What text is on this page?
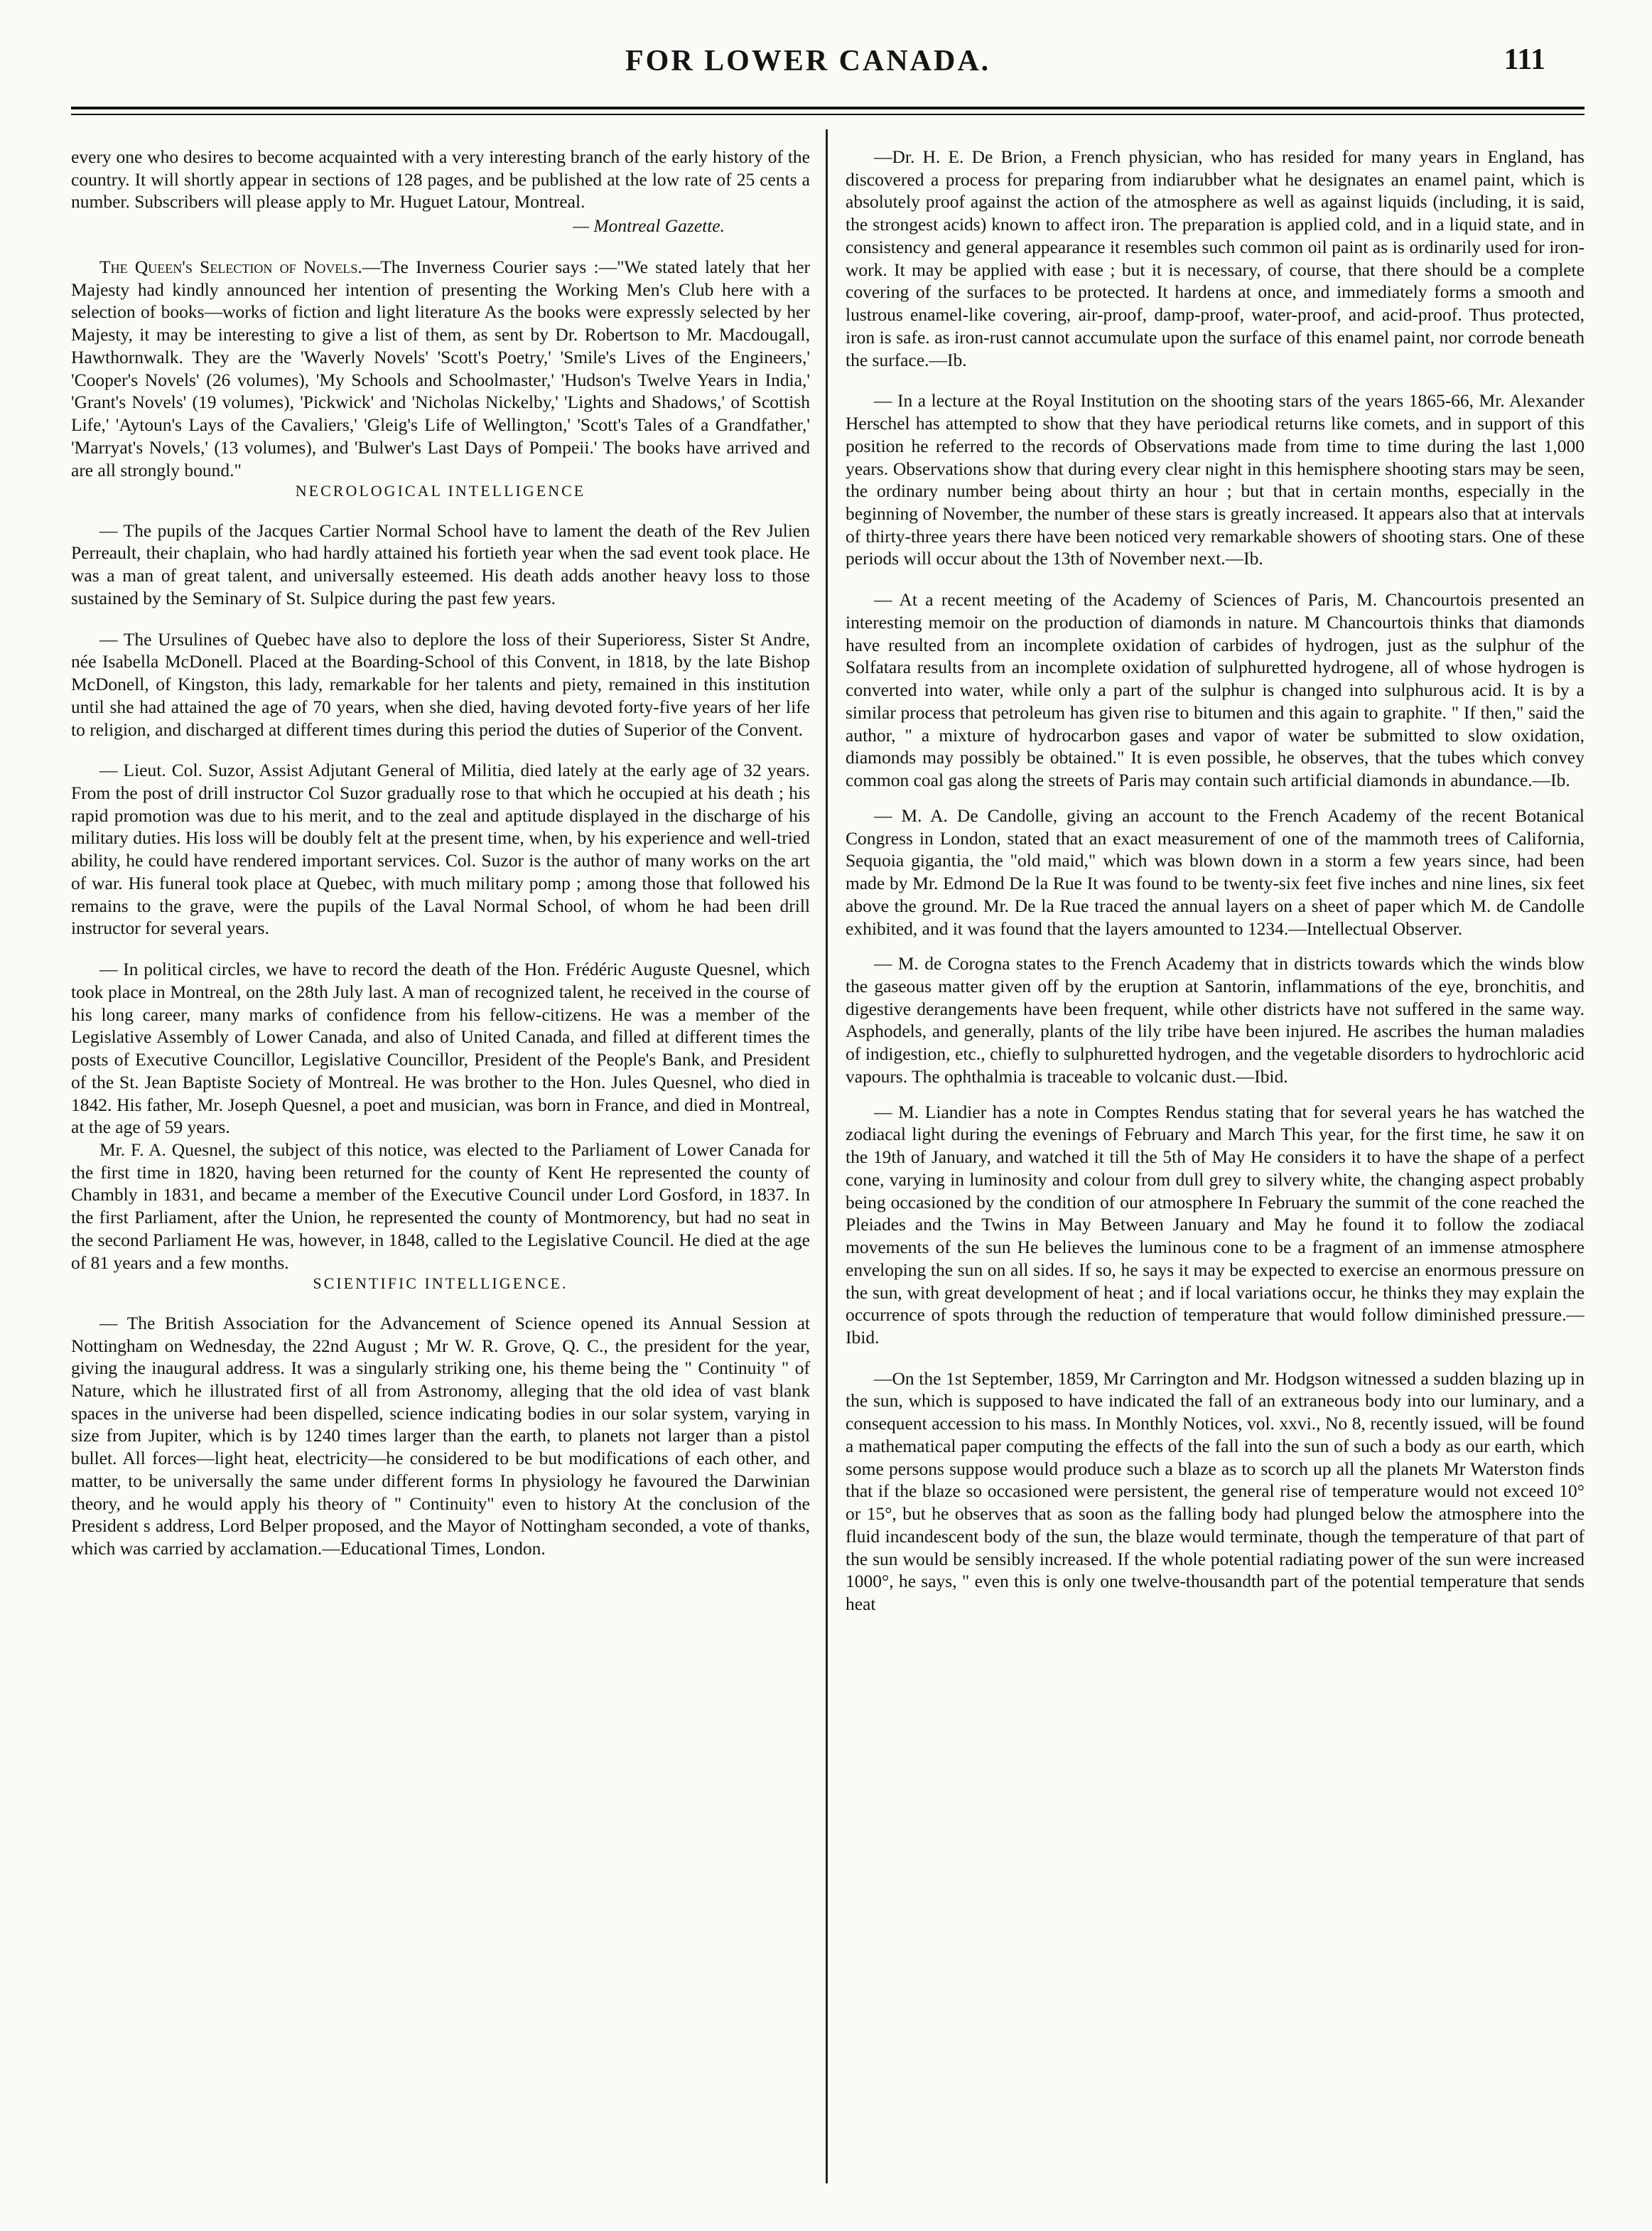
FOR LOWER CANADA.	111

every one who desires to become acquainted with a very interesting branch of the early history of the country. It will shortly appear in sections of 128 pages, and be published at the low rate of 25 cents a number. Subscribers will please apply to Mr. Huguet Latour, Montreal.

— Montreal Gazette.

The Queen's Selection of Novels.—The Inverness Courier says :—"We stated lately that her Majesty had kindly announced her intention of presenting the Working Men's Club here with a selection of books—works of fiction and light literature As the books were expressly selected by her Majesty, it may be interesting to give a list of them, as sent by Dr. Robertson to Mr. Macdougall, Hawthornwalk. They are the 'Waverly Novels' 'Scott's Poetry,' 'Smile's Lives of the Engineers,' 'Cooper's Novels' (26 volumes), 'My Schools and Schoolmaster,' 'Hudson's Twelve Years in India,' 'Grant's Novels' (19 volumes), 'Pickwick' and 'Nicholas Nickelby,' 'Lights and Shadows,' of Scottish Life,' 'Aytoun's Lays of the Cavaliers,' 'Gleig's Life of Wellington,' 'Scott's Tales of a Grandfather,' 'Marryat's Novels,' (13 volumes), and 'Bulwer's Last Days of Pompeii.' The books have arrived and are all strongly bound."

NECROLOGICAL INTELLIGENCE

— The pupils of the Jacques Cartier Normal School have to lament the death of the Rev Julien Perreault, their chaplain, who had hardly attained his fortieth year when the sad event took place. He was a man of great talent, and universally esteemed. His death adds another heavy loss to those sustained by the Seminary of St. Sulpice during the past few years.

— The Ursulines of Quebec have also to deplore the loss of their Superioress, Sister St Andre, née Isabella McDonell. Placed at the Boarding-School of this Convent, in 1818, by the late Bishop McDonell, of Kingston, this lady, remarkable for her talents and piety, remained in this institution until she had attained the age of 70 years, when she died, having devoted forty-five years of her life to religion, and discharged at different times during this period the duties of Superior of the Convent.

— Lieut. Col. Suzor, Assist Adjutant General of Militia, died lately at the early age of 32 years. From the post of drill instructor Col Suzor gradually rose to that which he occupied at his death ; his rapid promotion was due to his merit, and to the zeal and aptitude displayed in the discharge of his military duties. His loss will be doubly felt at the present time, when, by his experience and well-tried ability, he could have rendered important services. Col. Suzor is the author of many works on the art of war. His funeral took place at Quebec, with much military pomp ; among those that followed his remains to the grave, were the pupils of the Laval Normal School, of whom he had been drill instructor for several years.

— In political circles, we have to record the death of the Hon. Frédéric Auguste Quesnel, which took place in Montreal, on the 28th July last. A man of recognized talent, he received in the course of his long career, many marks of confidence from his fellow-citizens. He was a member of the Legislative Assembly of Lower Canada, and also of United Canada, and filled at different times the posts of Executive Councillor, Legislative Councillor, President of the People's Bank, and President of the St. Jean Baptiste Society of Montreal. He was brother to the Hon. Jules Quesnel, who died in 1842. His father, Mr. Joseph Quesnel, a poet and musician, was born in France, and died in Montreal, at the age of 59 years.

Mr. F. A. Quesnel, the subject of this notice, was elected to the Parliament of Lower Canada for the first time in 1820, having been returned for the county of Kent He represented the county of Chambly in 1831, and became a member of the Executive Council under Lord Gosford, in 1837. In the first Parliament, after the Union, he represented the county of Montmorency, but had no seat in the second Parliament He was, however, in 1848, called to the Legislative Council. He died at the age of 81 years and a few months.

SCIENTIFIC INTELLIGENCE.

— The British Association for the Advancement of Science opened its Annual Session at Nottingham on Wednesday, the 22nd August ; Mr W. R. Grove, Q. C., the president for the year, giving the inaugural address. It was a singularly striking one, his theme being the " Continuity " of Nature, which he illustrated first of all from Astronomy, alleging that the old idea of vast blank spaces in the universe had been dispelled, science indicating bodies in our solar system, varying in size from Jupiter, which is by 1240 times larger than the earth, to planets not larger than a pistol bullet. All forces—light heat, electricity—he considered to be but modifications of each other, and matter, to be universally the same under different forms In physiology he favoured the Darwinian theory, and he would apply his theory of " Continuity" even to history At the conclusion of the President s address, Lord Belper proposed, and the Mayor of Nottingham seconded, a vote of thanks, which was carried by acclamation.—Educational Times, London.

—Dr. H. E. De Brion, a French physician, who has resided for many years in England, has discovered a process for preparing from indiarubber what he designates an enamel paint, which is absolutely proof against the action of the atmosphere as well as against liquids (including, it is said, the strongest acids) known to affect iron. The preparation is applied cold, and in a liquid state, and in consistency and general appearance it resembles such common oil paint as is ordinarily used for iron-work. It may be applied with ease ; but it is necessary, of course, that there should be a complete covering of the surfaces to be protected. It hardens at once, and immediately forms a smooth and lustrous enamel-like covering, air-proof, damp-proof, water-proof, and acid-proof. Thus protected, iron is safe. as iron-rust cannot accumulate upon the surface of this enamel paint, nor corrode beneath the surface.—Ib.

— In a lecture at the Royal Institution on the shooting stars of the years 1865-66, Mr. Alexander Herschel has attempted to show that they have periodical returns like comets, and in support of this position he referred to the records of Observations made from time to time during the last 1,000 years. Observations show that during every clear night in this hemisphere shooting stars may be seen, the ordinary number being about thirty an hour ; but that in certain months, especially in the beginning of November, the number of these stars is greatly increased. It appears also that at intervals of thirty-three years there have been noticed very remarkable showers of shooting stars. One of these periods will occur about the 13th of November next.—Ib.

— At a recent meeting of the Academy of Sciences of Paris, M. Chancourtois presented an interesting memoir on the production of diamonds in nature. M Chancourtois thinks that diamonds have resulted from an incomplete oxidation of carbides of hydrogen, just as the sulphur of the Solfatara results from an incomplete oxidation of sulphuretted hydrogene, all of whose hydrogen is converted into water, while only a part of the sulphur is changed into sulphurous acid. It is by a similar process that petroleum has given rise to bitumen and this again to graphite. " If then," said the author, " a mixture of hydrocarbon gases and vapor of water be submitted to slow oxidation, diamonds may possibly be obtained." It is even possible, he observes, that the tubes which convey common coal gas along the streets of Paris may contain such artificial diamonds in abundance.—Ib.

— M. A. De Candolle, giving an account to the French Academy of the recent Botanical Congress in London, stated that an exact measurement of one of the mammoth trees of California, Sequoia gigantia, the "old maid," which was blown down in a storm a few years since, had been made by Mr. Edmond De la Rue It was found to be twenty-six feet five inches and nine lines, six feet above the ground. Mr. De la Rue traced the annual layers on a sheet of paper which M. de Candolle exhibited, and it was found that the layers amounted to 1234.—Intellectual Observer.

— M. de Corogna states to the French Academy that in districts towards which the winds blow the gaseous matter given off by the eruption at Santorin, inflammations of the eye, bronchitis, and digestive derangements have been frequent, while other districts have not suffered in the same way. Asphodels, and generally, plants of the lily tribe have been injured. He ascribes the human maladies of indigestion, etc., chiefly to sulphuretted hydrogen, and the vegetable disorders to hydrochloric acid vapours. The ophthalmia is traceable to volcanic dust.—Ibid.

— M. Liandier has a note in Comptes Rendus stating that for several years he has watched the zodiacal light during the evenings of February and March This year, for the first time, he saw it on the 19th of January, and watched it till the 5th of May He considers it to have the shape of a perfect cone, varying in luminosity and colour from dull grey to silvery white, the changing aspect probably being occasioned by the condition of our atmosphere In February the summit of the cone reached the Pleiades and the Twins in May Between January and May he found it to follow the zodiacal movements of the sun He believes the luminous cone to be a fragment of an immense atmosphere enveloping the sun on all sides. If so, he says it may be expected to exercise an enormous pressure on the sun, with great development of heat ; and if local variations occur, he thinks they may explain the occurrence of spots through the reduction of temperature that would follow diminished pressure.—Ibid.

—On the 1st September, 1859, Mr Carrington and Mr. Hodgson witnessed a sudden blazing up in the sun, which is supposed to have indicated the fall of an extraneous body into our luminary, and a consequent accession to his mass. In Monthly Notices, vol. xxvi., No 8, recently issued, will be found a mathematical paper computing the effects of the fall into the sun of such a body as our earth, which some persons suppose would produce such a blaze as to scorch up all the planets Mr Waterston finds that if the blaze so occasioned were persistent, the general rise of temperature would not exceed 10° or 15°, but he observes that as soon as the falling body had plunged below the atmosphere into the fluid incandescent body of the sun, the blaze would terminate, though the temperature of that part of the sun would be sensibly increased. If the whole potential radiating power of the sun were increased 1000°, he says, " even this is only one twelve-thousandth part of the potential temperature that sends heat
